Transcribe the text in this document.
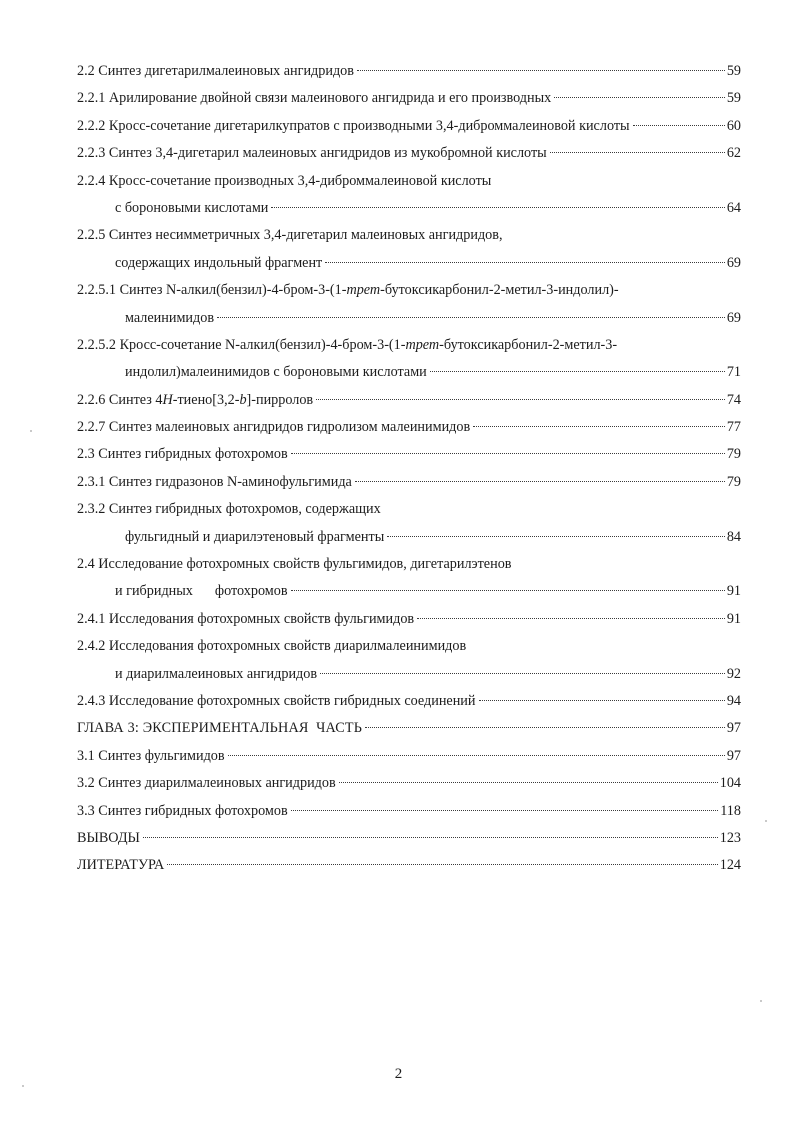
2.2 Синтез дигетарилмалеиновых ангидридов	59
2.2.1 Арилирование двойной связи малеинового ангидрида и его производных	59
2.2.2 Кросс-сочетание дигетарилкупратов с производными 3,4-диброммалеиновой кислоты	60
2.2.3 Синтез 3,4-дигетарил малеиновых ангидридов из мукобромной кислоты	62
2.2.4 Кросс-сочетание производных 3,4-диброммалеиновой кислоты
с бороновыми кислотами	64
2.2.5 Синтез несимметричных 3,4-дигетарил малеиновых ангидридов,
содержащих индольный фрагмент	69
2.2.5.1 Синтез N-алкил(бензил)-4-бром-3-(1-трет-бутоксикарбонил-2-метил-3-индолил)-
малеинимидов	69
2.2.5.2 Кросс-сочетание N-алкил(бензил)-4-бром-3-(1-трет-бутоксикарбонил-2-метил-3-
индолил)малеинимидов с бороновыми кислотами	71
2.2.6 Синтез 4H-тиено[3,2-b]-пирролов	74
2.2.7 Синтез малеиновых ангидридов гидролизом малеинимидов	77
2.3 Синтез гибридных фотохромов	79
2.3.1 Синтез гидразонов N-аминофульгимида	79
2.3.2 Синтез гибридных фотохромов, содержащих
фульгидный и диарилэтеновый фрагменты	84
2.4 Исследование фотохромных свойств фульгимидов, дигетарилэтенов
и гибридных фотохромов	91
2.4.1 Исследования фотохромных свойств фульгимидов	91
2.4.2 Исследования фотохромных свойств диарилмалеинимидов
и диарилмалеиновых ангидридов	92
2.4.3 Исследование фотохромных свойств гибридных соединений	94
ГЛАВА 3: ЭКСПЕРИМЕНТАЛЬНАЯ  ЧАСТЬ	97
3.1 Синтез фульгимидов	97
3.2 Синтез диарилмалеиновых ангидридов	104
3.3 Синтез гибридных фотохромов	118
ВЫВОДЫ	123
ЛИТЕРАТУРА	124
2
